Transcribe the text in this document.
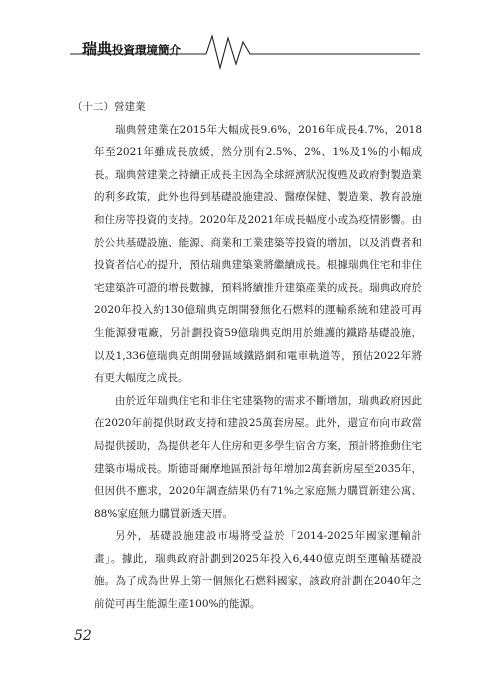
瑞典投資環境簡介

（十二）營建業

瑞典營建業在2015年大幅成長9.6%，2016年成長4.7%，2018年至2021年雖成長放緩，然分別有2.5%、2%、1%及1%的小幅成長。瑞典營建業之持續正成長主因為全球經濟狀況復甦及政府對製造業的利多政策，此外也得到基礎設施建設、醫療保健、製造業、教育設施和住房等投資的支持。2020年及2021年成長幅度小或為疫情影響。由於公共基礎設施、能源、商業和工業建築等投資的增加，以及消費者和投資者信心的提升，預估瑞典建築業將繼續成長。根據瑞典住宅和非住宅建築許可證的增長數據，預料將續推升建築產業的成長。瑞典政府於2020年投入約130億瑞典克朗開發無化石燃料的運輸系統和建設可再生能源發電廠，另計劃投資59億瑞典克朗用於維護的鐵路基礎設施，以及1,336億瑞典克朗開發區域鐵路網和電車軌道等，預估2022年將有更大幅度之成長。

由於近年瑞典住宅和非住宅建築物的需求不斷增加，瑞典政府因此在2020年前提供財政支持和建設25萬套房屋。此外，還宣布向市政當局提供援助，為提供老年人住房和更多學生宿舍方案，預計將推動住宅建築市場成長。斯德哥爾摩地區預計每年增加2萬套新房屋至2035年，但因供不應求，2020年調查結果仍有71%之家庭無力購買新建公寓、88%家庭無力購買新透天厝。

另外，基礎設施建設市場將受益於「2014-2025年國家運輸計畫」。據此，瑞典政府計劃到2025年投入6,440億克朗至運輸基礎設施。為了成為世界上第一個無化石燃料國家，該政府計劃在2040年之前從可再生能源生產100%的能源。

52
